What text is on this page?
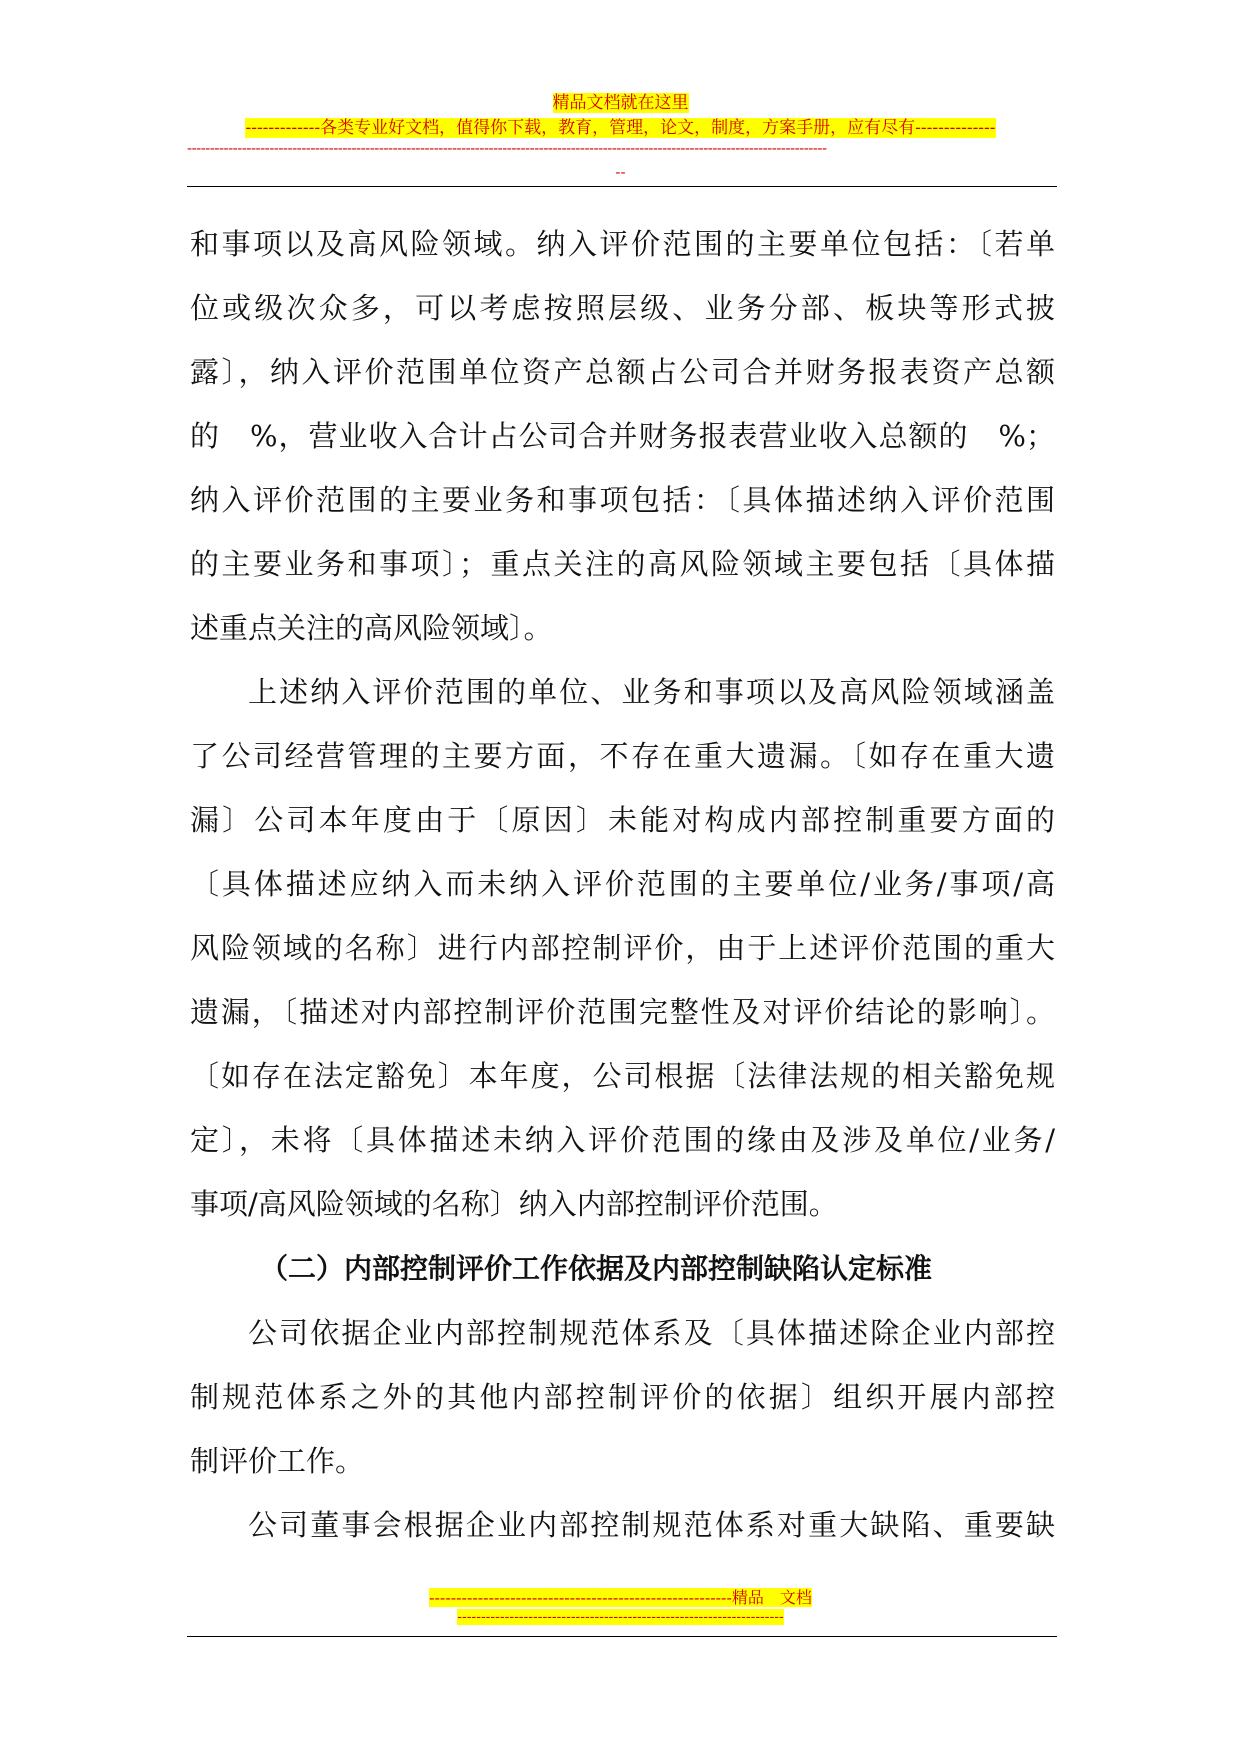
精品文档就在这里
-------------各类专业好文档，值得你下载，教育，管理，论文，制度，方案手册，应有尽有--------------
--------------------------------------------------------------------------------------------------------------------------------------------
--
和事项以及高风险领域。纳入评价范围的主要单位包括：〔若单
位或级次众多，可以考虑按照层级、业务分部、板块等形式披
露〕，纳入评价范围单位资产总额占公司合并财务报表资产总额
的　%，营业收入合计占公司合并财务报表营业收入总额的　%；
纳入评价范围的主要业务和事项包括：〔具体描述纳入评价范围
的主要业务和事项〕；重点关注的高风险领域主要包括〔具体描
述重点关注的高风险领域〕。
上述纳入评价范围的单位、业务和事项以及高风险领域涵盖
了公司经营管理的主要方面，不存在重大遗漏。〔如存在重大遗
漏〕公司本年度由于〔原因〕未能对构成内部控制重要方面的
〔具体描述应纳入而未纳入评价范围的主要单位/业务/事项/高
风险领域的名称〕进行内部控制评价，由于上述评价范围的重大
遗漏，〔描述对内部控制评价范围完整性及对评价结论的影响〕。
〔如存在法定豁免〕本年度，公司根据〔法律法规的相关豁免规
定〕，未将〔具体描述未纳入评价范围的缘由及涉及单位/业务/
事项/高风险领域的名称〕纳入内部控制评价范围。
（二）内部控制评价工作依据及内部控制缺陷认定标准
公司依据企业内部控制规范体系及〔具体描述除企业内部控
制规范体系之外的其他内部控制评价的依据〕组织开展内部控
制评价工作。
公司董事会根据企业内部控制规范体系对重大缺陷、重要缺
--------------------------------------------------------精品　文档
---------------------------------------------------------------------
